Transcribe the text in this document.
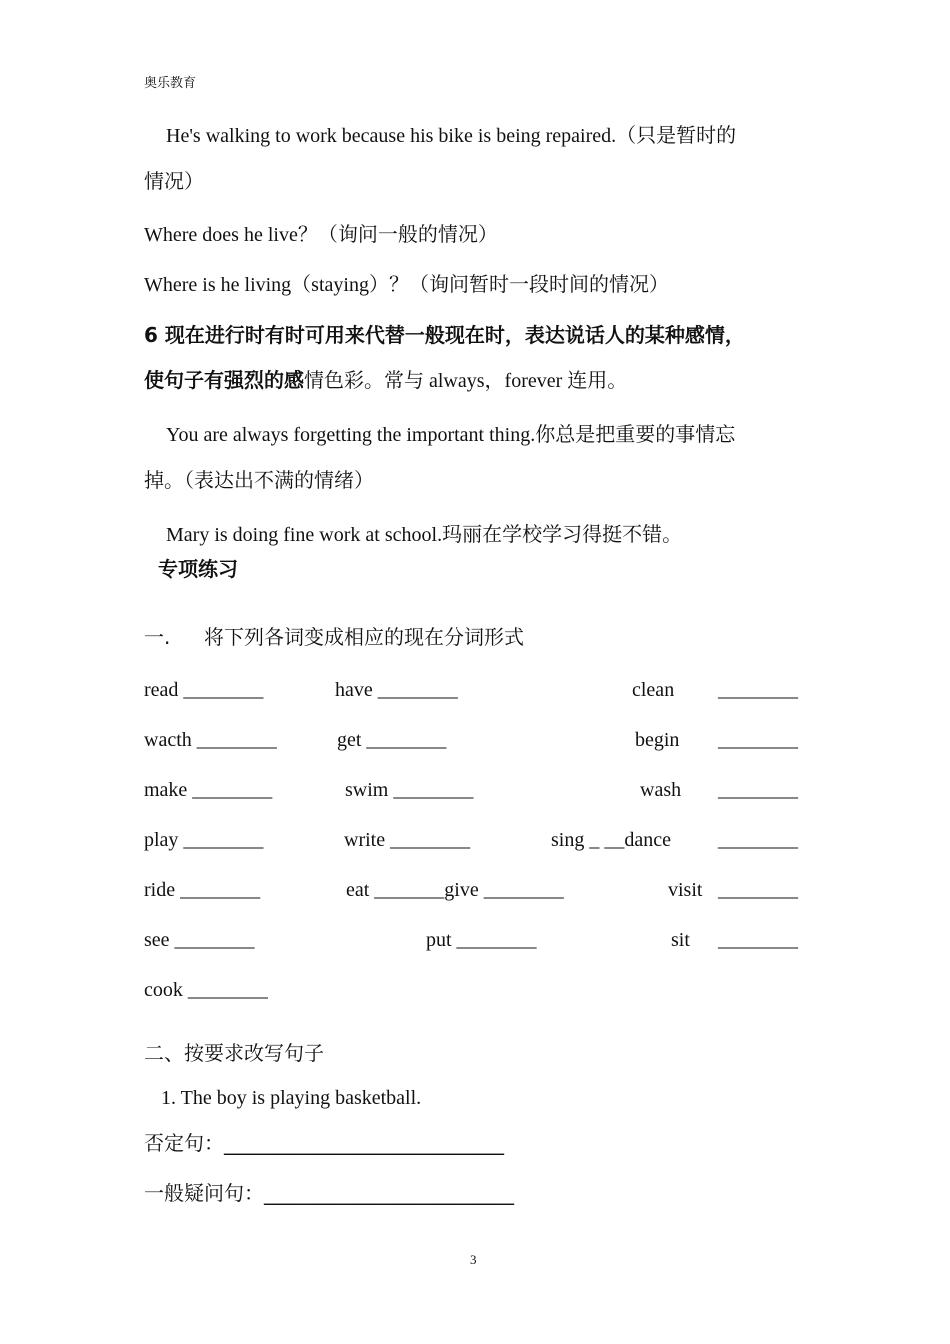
奥乐教育
He's walking to work because his bike is being repaired.（只是暂时的
情况）
Where does he live？（询问一般的情况）
Where is he living（staying）？（询问暂时一段时间的情况）
6 现在进行时有时可用来代替一般现在时，表达说话人的某种感情，
使句子有强烈的感情色彩。常与 always，forever 连用。
You are always forgetting the important thing.你总是把重要的事情忘
掉。（表达出不满的情绪）
Mary is doing fine work at school.玛丽在学校学习得挺不错。
专项练习
一. 将下列各词变成相应的现在分词形式
read ________	have ________	clean ________
wacth ________	get ________	begin ________
make ________	swim ________	wash ________
play ________	write ________	sing _ __dance ________
ride ________	eat _______give ________	visit ________
see ________	put ________	sit ________
cook ________
二、按要求改写句子
1. The boy is playing basketball.
否定句：____________________________
一般疑问句：_________________________
3
